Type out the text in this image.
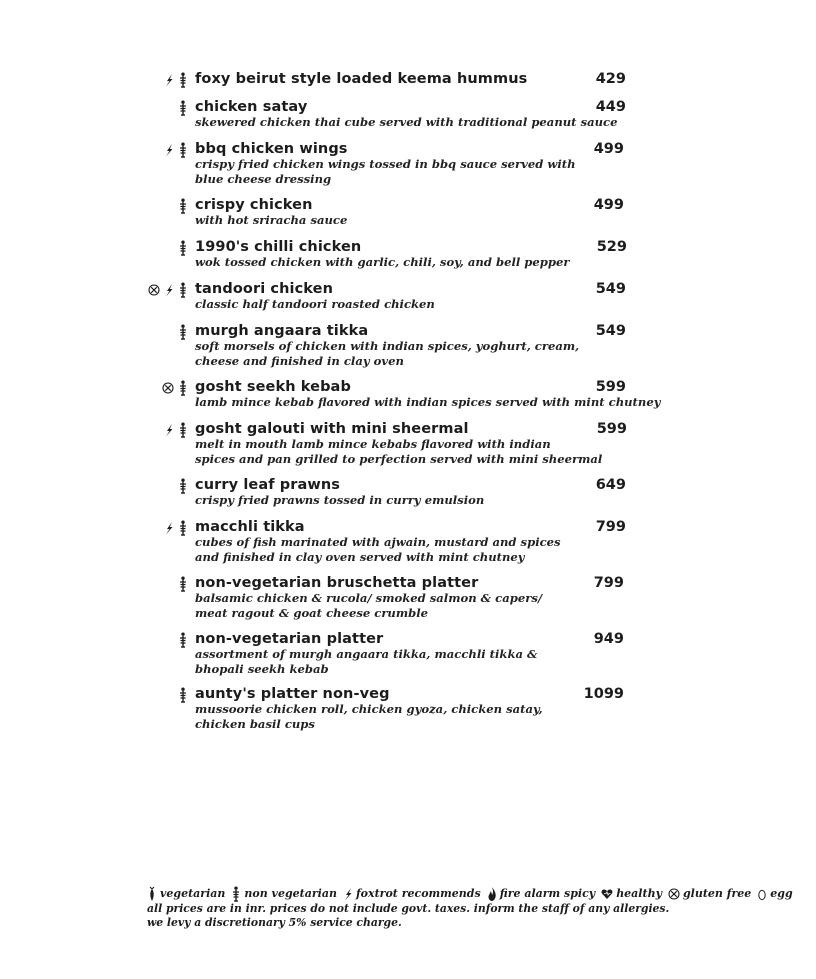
foxy beirut style loaded keema hummus	429
chicken satay	449
skewered chicken thai cube served with traditional peanut sauce
bbq chicken wings	499
crispy fried chicken wings tossed in bbq sauce served with
blue cheese dressing
crispy chicken	499
with hot sriracha sauce
1990's chilli chicken	529
wok tossed chicken with garlic, chili, soy, and bell pepper
tandoori chicken	549
classic half tandoori roasted chicken
murgh angaara tikka	549
soft morsels of chicken with indian spices, yoghurt, cream,
cheese and finished in clay oven
gosht seekh kebab	599
lamb mince kebab flavored with indian spices served with mint chutney
gosht galouti with mini sheermal	599
melt in mouth lamb mince kebabs flavored with indian
spices and pan grilled to perfection served with mini sheermal
curry leaf prawns	649
crispy fried prawns tossed in curry emulsion
macchli tikka	799
cubes of fish marinated with ajwain, mustard and spices
and finished in clay oven served with mint chutney
non-vegetarian bruschetta platter	799
balsamic chicken & rucola/ smoked salmon & capers/
meat ragout & goat cheese crumble
non-vegetarian platter	949
assortment of murgh angaara tikka, macchli tikka &
bhopali seekh kebab
aunty's platter non-veg	1099
mussoorie chicken roll, chicken gyoza, chicken satay,
chicken basil cups
vegetarian non vegetarian foxtrot recommends fire alarm spicy healthy gluten free egg
all prices are in inr. prices do not include govt. taxes. inform the staff of any allergies.
we levy a discretionary 5% service charge.
